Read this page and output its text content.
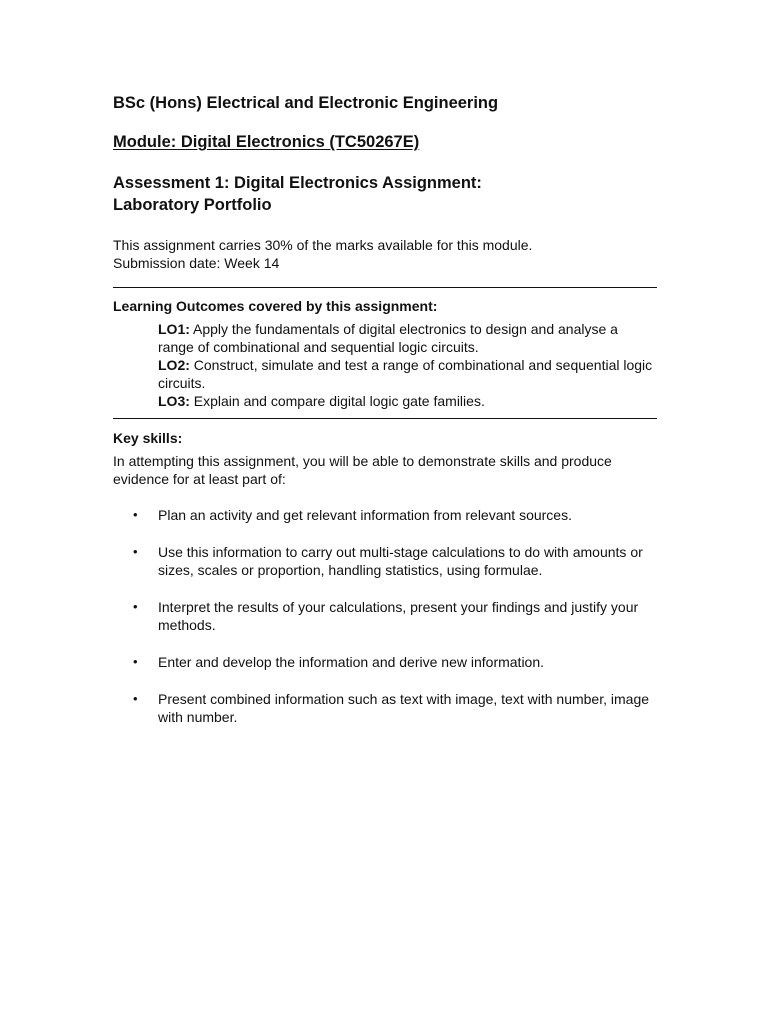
BSc (Hons) Electrical and Electronic Engineering
Module: Digital Electronics (TC50267E)
Assessment 1: Digital Electronics Assignment:
Laboratory Portfolio

This assignment carries 30% of the marks available for this module.
Submission date: Week 14

Learning Outcomes covered by this assignment:

LO1: Apply the fundamentals of digital electronics to design and analyse a range of combinational and sequential logic circuits.
LO2: Construct, simulate and test a range of combinational and sequential logic circuits.
LO3: Explain and compare digital logic gate families.

Key skills:

In attempting this assignment, you will be able to demonstrate skills and produce evidence for at least part of:

• Plan an activity and get relevant information from relevant sources.
• Use this information to carry out multi-stage calculations to do with amounts or sizes, scales or proportion, handling statistics, using formulae.
• Interpret the results of your calculations, present your findings and justify your methods.
• Enter and develop the information and derive new information.
• Present combined information such as text with image, text with number, image with number.
